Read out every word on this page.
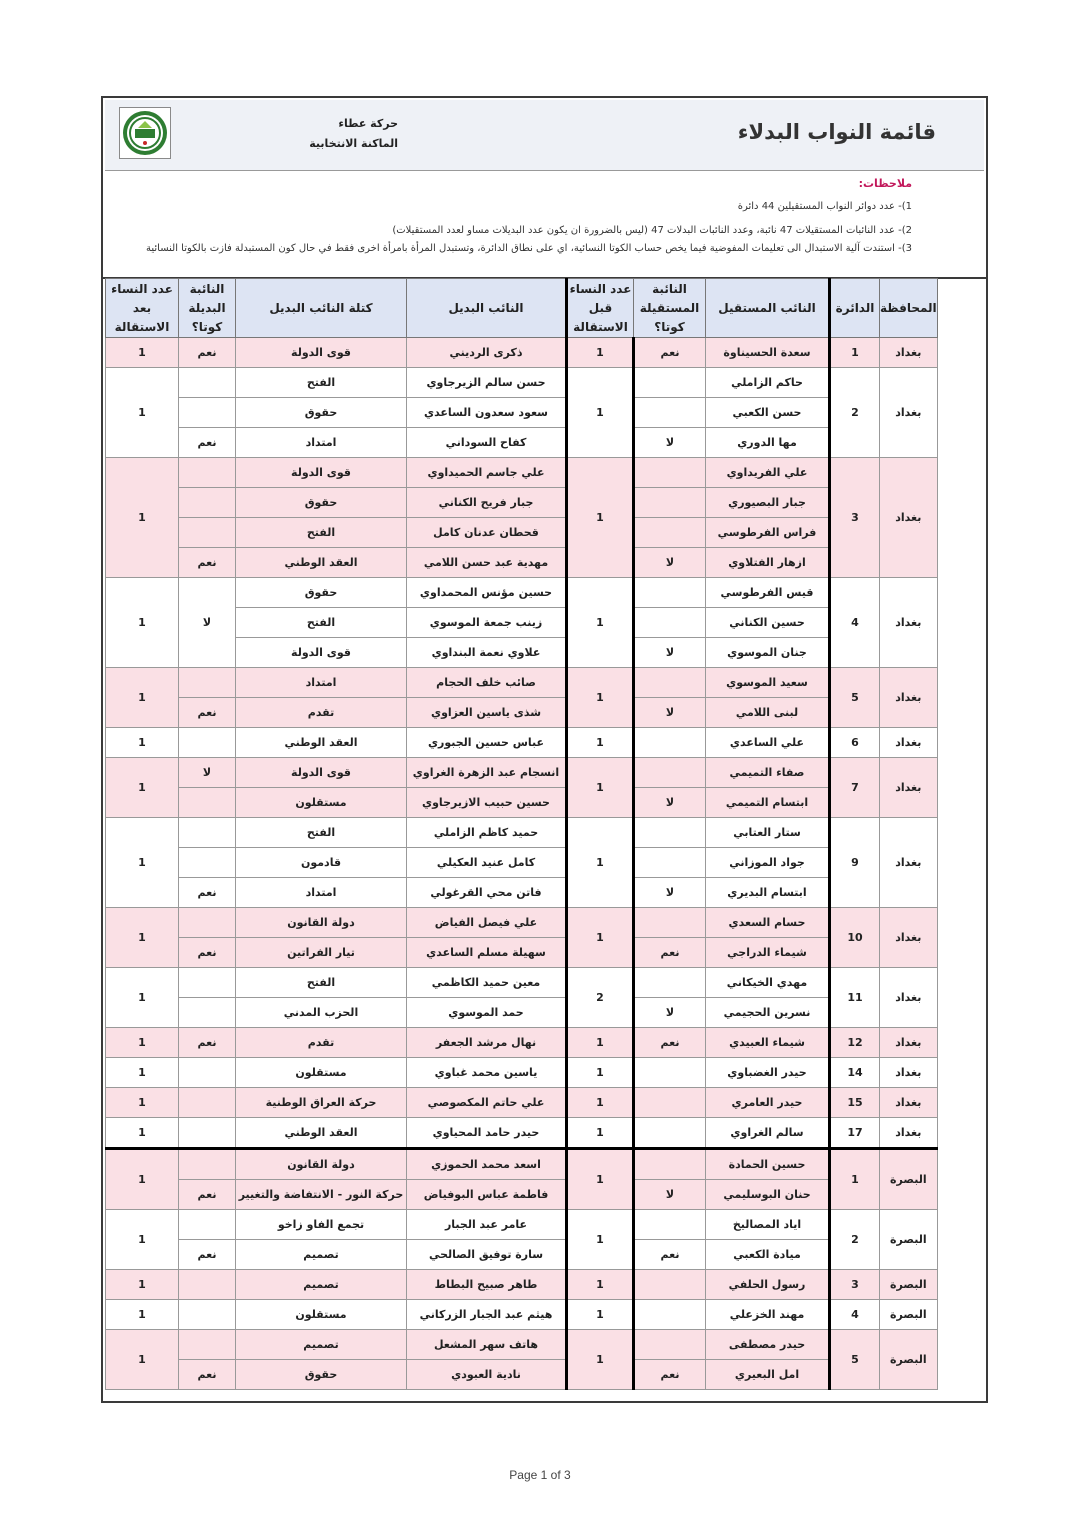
قائمة النواب البدلاء
حركة عطاء
الماكنة الانتخابية
ملاحظات:
1)- عدد دوائر النواب المستقيلين 44 دائرة
2)- عدد النائبات المستقيلات 47 نائبة، وعدد النائبات البدلات 47 (ليس بالضرورة ان يكون عدد البديلات مساو لعدد المستقيلات)
3)- استندت آلية الاستبدال الى تعليمات المفوضية فيما يخص حساب الكوتا النسائية، اي على نطاق الدائرة، وتستبدل المرأة بامرأة اخرى فقط في حال كون المستبدلة فازت بالكوتا النسائية
المحافظة	الدائرة	النائب المستقيل	النائبة المستقيلة كوتا؟	عدد النساء قبل الاستقالة	النائب البديل	كتلة النائب البديل	النائبة البديلة كوتا؟	عدد النساء بعد الاستقالة
بغداد	1	سعدة الحسيناوة	نعم	1	ذكرى الرديني	قوى الدولة	نعم	1
بغداد	2	حاكم الزاملي		1	حسن سالم الزيرجاوي	الفتح		1
		حسن الكعبي			سعود سعدون الساعدي	حقوق		
		مها الدوري	لا		كفاح السوداني	امتداد	نعم	
بغداد	3	علي الفريداوي		1	علي جاسم الحميداوي	قوى الدولة		1
		جبار البصيوري			جبار فريح الكناني	حقوق		
		فراس الفرطوسي			قحطان عدنان كامل	الفتح		
		ازهار الفتلاوي	لا		مهدية عبد حسن اللامي	العقد الوطني	نعم	
بغداد	4	قيس الفرطوسي		1	حسين مؤنس المحمداوي	حقوق	لا	1
		حسين الكناني			زينب جمعة الموسوي	الفتح		
		جنان الموسوي	لا		علاوي نعمة البنداوي	قوى الدولة		
بغداد	5	سعيد الموسوي		1	صائب خلف الحجام	امتداد		1
		لبنى اللامي	لا		شذى ياسين العزاوي	تقدم	نعم	
بغداد	6	علي الساعدي		1	عباس حسين الجبوري	العقد الوطني		1
بغداد	7	صفاء التميمي		1	انسجام عبد الزهرة الغراوي	قوى الدولة	لا	1
		ابتسام التميمي	لا		حسين حبيب الازيرجاوي	مستقلون		
بغداد	9	ستار العتابي		1	حميد كاظم الزاملي	الفتح		1
		جواد الموزاني			كامل عنيد العكيلي	قادمون		
		ابتسام البديري	لا		فاتن محي القرغولي	امتداد	نعم	
بغداد	10	حسام السعدي		1	علي فيصل الفياض	دولة القانون		1
		شيماء الدراجي	نعم		سهيلة مسلم الساعدي	تيار الفراتين	نعم	
بغداد	11	مهدي الخيكاني		2	معين حميد الكاظمي	الفتح		1
		نسرين الحجيمي	لا		حمد الموسوي	الحزب المدني		
بغداد	12	شيماء العبيدي	نعم	1	نهال مرشد الجعفر	تقدم	نعم	1
بغداد	14	حيدر الغضباوي		1	ياسين محمد غباوي	مستقلون		1
بغداد	15	حيدر العامري		1	علي حاتم المكصوصي	حركة العراق الوطنية		1
بغداد	17	سالم الغراوي		1	حيدر حامد المحياوي	العقد الوطني		1
البصرة	1	حسين الحمادة		1	اسعد محمد الحموزي	دولة القانون		1
		حنان البوسليمي	لا		فاطمة عباس البوفياض	حركة النور - الانتفاضة والتغيير	نعم	
البصرة	2	اياد المصاليخ		1	عامر عبد الجبار	تجمع الفاو زاخو		1
		ميادة الكعبي	نعم		سارة توفيق الصالحي	تصميم	نعم	
البصرة	3	رسول الحلفي		1	طاهر صبيح البطاط	تصميم		1
البصرة	4	مهند الخزعلي		1	هيثم عبد الجبار الزركاني	مستقلون		1
البصرة	5	حيدر مصطفى		1	هاتف سهر المشعل	تصميم		1
		امل البعيري	نعم		نادية العبودي	حقوق	نعم	
Page 1 of 3
